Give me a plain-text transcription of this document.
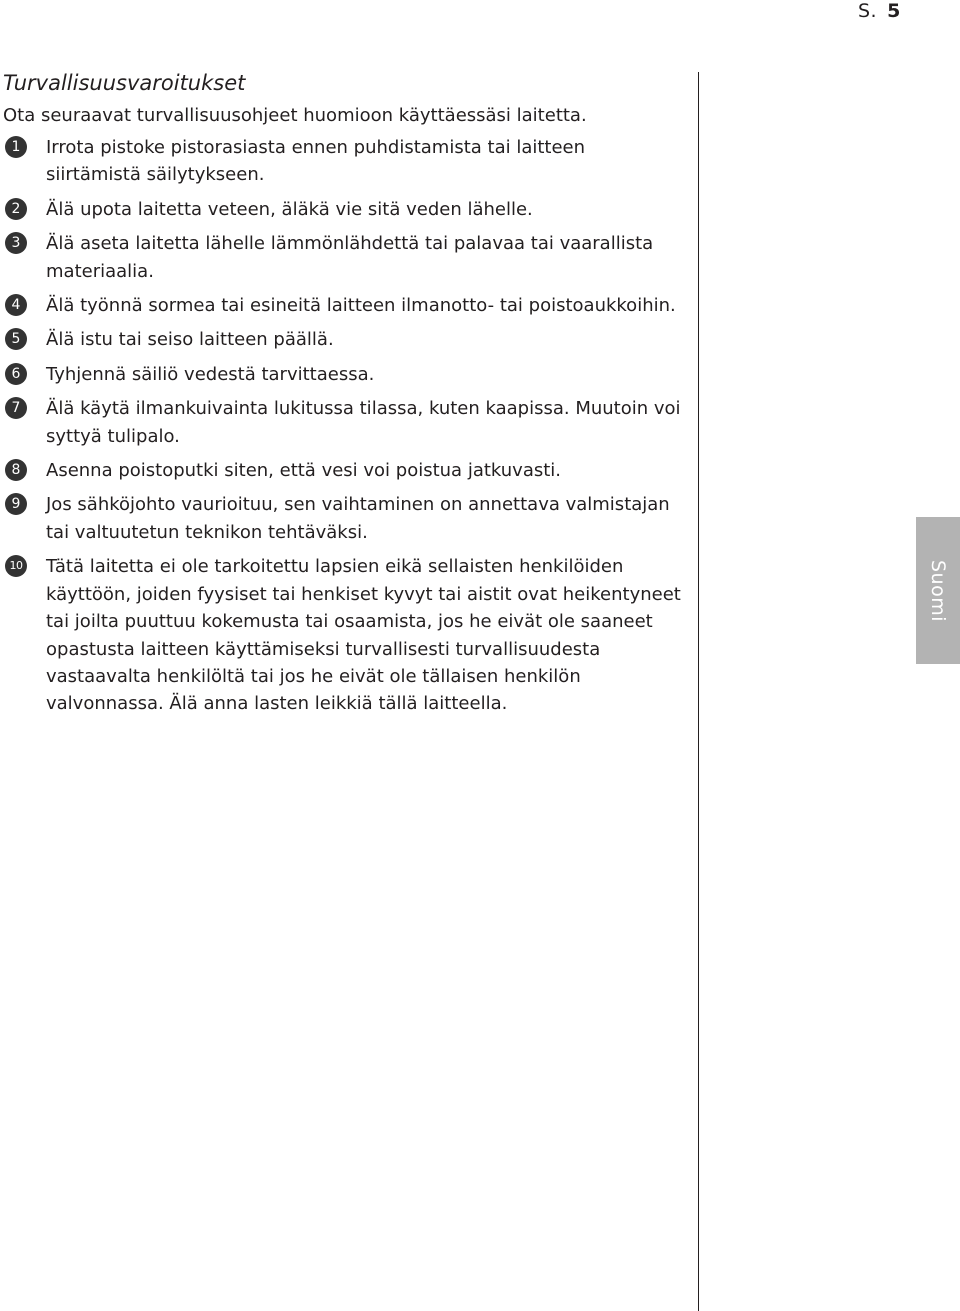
S. 5
Turvallisuusvaroitukset

Ota seuraavat turvallisuusohjeet huomioon käyttäessäsi laitetta.

1	Irrota pistoke pistorasiasta ennen puhdistamista tai laitteen siirtämistä säilytykseen.
2	Älä upota laitetta veteen, äläkä vie sitä veden lähelle.
3	Älä aseta laitetta lähelle lämmönlähdettä tai palavaa tai vaarallista materiaalia.
4	Älä työnnä sormea tai esineitä laitteen ilmanotto- tai poistoaukkoihin.
5	Älä istu tai seiso laitteen päällä.
6	Tyhjennä säiliö vedestä tarvittaessa.
7	Älä käytä ilmankuivainta lukitussa tilassa, kuten kaapissa. Muutoin voi syttyä tulipalo.
8	Asenna poistoputki siten, että vesi voi poistua jatkuvasti.
9	Jos sähköjohto vaurioituu, sen vaihtaminen on annettava valmistajan tai valtuutetun teknikon tehtäväksi.
10 Tätä laitetta ei ole tarkoitettu lapsien eikä sellaisten henkilöiden käyttöön, joiden fyysiset tai henkiset kyvyt tai aistit ovat heikentyneet tai joilta puuttuu kokemusta tai osaamista, jos he eivät ole saaneet opastusta laitteen käyttämiseksi turvallisesti turvallisuudesta vastaavalta henkilöltä tai jos he eivät ole tällaisen henkilön valvonnassa. Älä anna lasten leikkiä tällä laitteella.
Suomi
